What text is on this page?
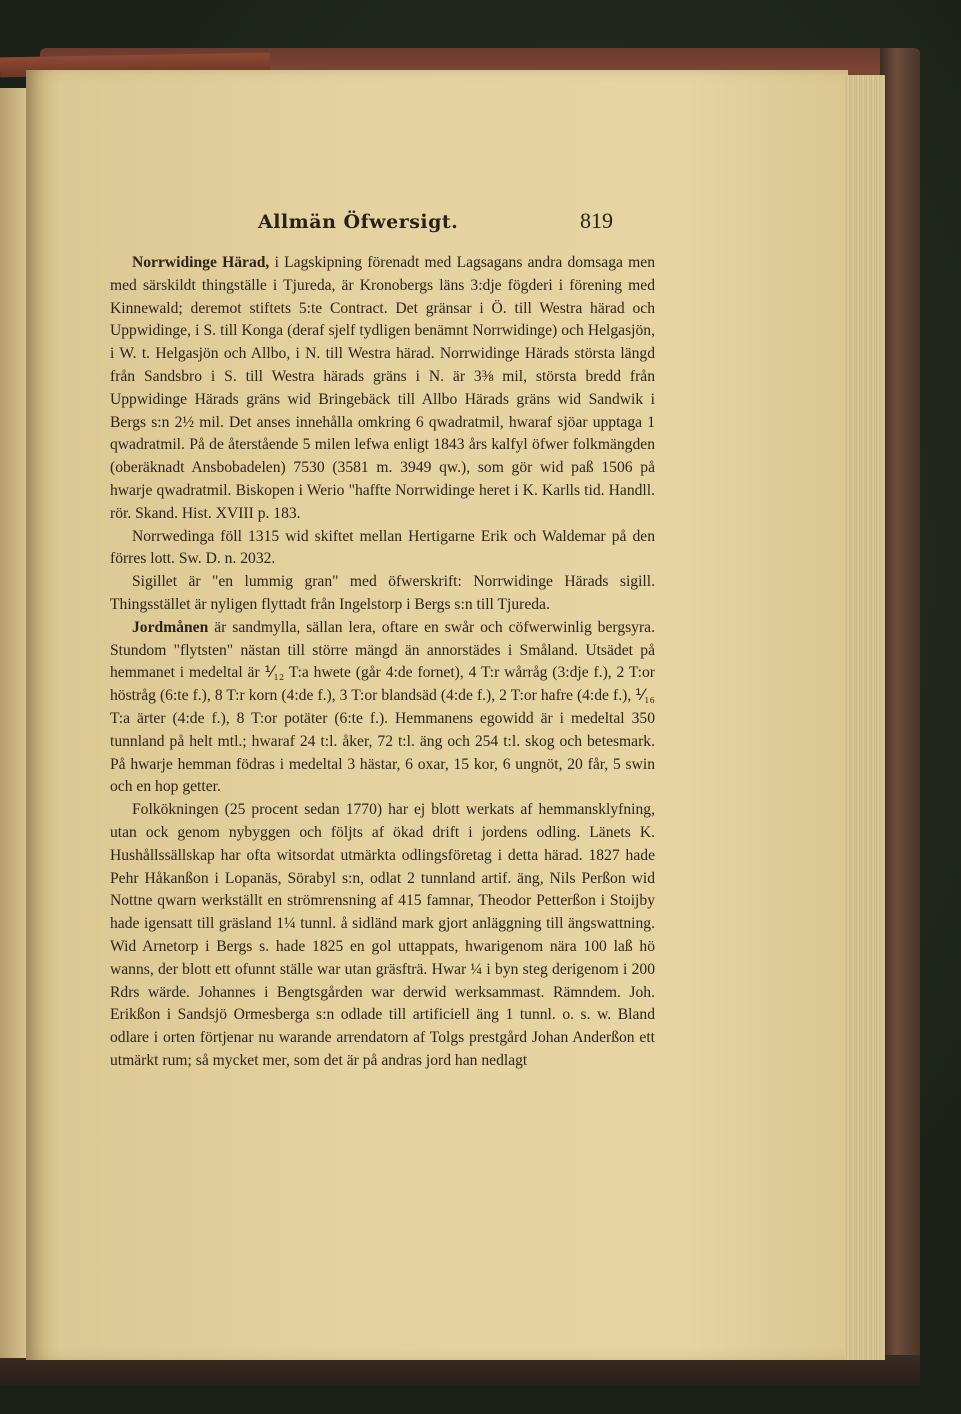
Allmän Öfwersigt.	819

Norrwidinge Härad, i Lagskipning förenadt med Lagsagans andra domsaga men med särskildt thingställe i Tjureda, är Kronobergs läns 3:dje fögderi i förening med Kinnewald; deremot stiftets 5:te Contract. Det gränsar i Ö. till Westra härad och Uppwidinge, i S. till Konga (deraf sjelf tydligen benämnt Norrwidinge) och Helgasjön, i W. t. Helgasjön och Allbo, i N. till Westra härad. Norrwidinge Härads största längd från Sandsbro i S. till Westra härads gräns i N. är 3⅜ mil, största bredd från Uppwidinge Härads gräns wid Bringebäck till Allbo Härads gräns wid Sandwik i Bergs s:n 2½ mil. Det anses innehålla omkring 6 qwadratmil, hwaraf sjöar upptaga 1 qwadratmil. På de återstående 5 milen lefwa enligt 1843 års kalfyl öfwer folkmängden (oberäknadt Ansbobadelen) 7530 (3581 m. 3949 qw.), som gör wid paß 1506 på hwarje qwadratmil. Biskopen i Werio "haffte Norrwidinge heret i K. Karlls tid. Handll. rör. Skand. Hist. XVIII p. 183.

Norrwedinga föll 1315 wid skiftet mellan Hertigarne Erik och Waldemar på den förres lott. Sw. D. n. 2032.

Sigillet är "en lummig gran" med öfwerskrift: Norrwidinge Härads sigill. Thingsstället är nyligen flyttadt från Ingelstorp i Bergs s:n till Tjureda.

Jordmånen är sandmylla, sällan lera, oftare en swår och cöfwerwinlig bergsyra. Stundom "flytsten" nästan till större mängd än annorstädes i Småland. Utsädet på hemmanet i medeltal är ⅟₁₂ T:a hwete (går 4:de fornet), 4 T:r wårråg (3:dje f.), 2 T:or höstråg (6:te f.), 8 T:r korn (4:de f.), 3 T:or blandsäd (4:de f.), 2 T:or hafre (4:de f.), ⅟₁₆ T:a ärter (4:de f.), 8 T:or potäter (6:te f.). Hemmanens egowidd är i medeltal 350 tunnland på helt mtl.; hwaraf 24 t:l. åker, 72 t:l. äng och 254 t:l. skog och betesmark. På hwarje hemman födras i medeltal 3 hästar, 6 oxar, 15 kor, 6 ungnöt, 20 får, 5 swin och en hop getter.

Folkökningen (25 procent sedan 1770) har ej blott werkats af hemmansklyfning, utan ock genom nybyggen och följts af ökad drift i jordens odling. Länets K. Hushållssällskap har ofta witsordat utmärkta odlingsföretag i detta härad. 1827 hade Pehr Håkanßon i Lopanäs, Sörabyl s:n, odlat 2 tunnland artif. äng, Nils Perßon wid Nottne qwarn werkställt en strömrensning af 415 famnar, Theodor Petterßon i Stoijby hade igensatt till gräsland 1¼ tunnl. å sidländ mark gjort anläggning till ängswattning. Wid Arnetorp i Bergs s. hade 1825 en gol uttappats, hwarigenom nära 100 laß hö wanns, der blott ett ofunnt ställe war utan gräsfträ. Hwar ¼ i byn steg derigenom i 200 Rdrs wärde. Johannes i Bengtsgården war derwid werksammast. Rämndem. Joh. Erikßon i Sandsjö Ormesberga s:n odlade till artificiell äng 1 tunnl. o. s. w. Bland odlare i orten förtjenar nu warande arrendatorn af Tolgs prestgård Johan Anderßon ett utmärkt rum; så mycket mer, som det är på andras jord han nedlagt
